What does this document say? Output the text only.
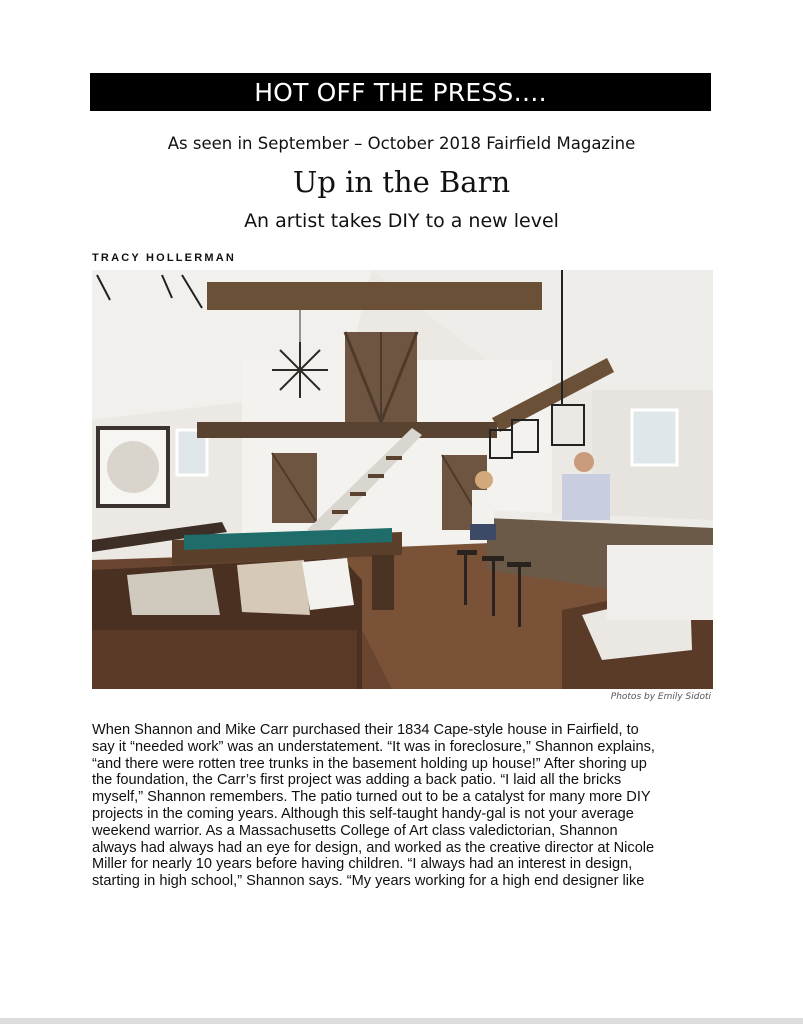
HOT OFF THE PRESS….
As seen in September – October 2018 Fairfield Magazine
Up in the Barn
An artist takes DIY to a new level
TRACY HOLLERMAN
Photos by Emily Sidoti
When Shannon and Mike Carr purchased their 1834 Cape-style house in Fairfield, to
say it “needed work” was an understatement. “It was in foreclosure,” Shannon explains,
“and there were rotten tree trunks in the basement holding up house!” After shoring up
the foundation, the Carr’s first project was adding a back patio. “I laid all the bricks
myself,” Shannon remembers. The patio turned out to be a catalyst for many more DIY
projects in the coming years. Although this self-taught handy-gal is not your average
weekend warrior. As a Massachusetts College of Art class valedictorian, Shannon
always had always had an eye for design, and worked as the creative director at Nicole
Miller for nearly 10 years before having children. “I always had an interest in design,
starting in high school,” Shannon says. “My years working for a high end designer like
